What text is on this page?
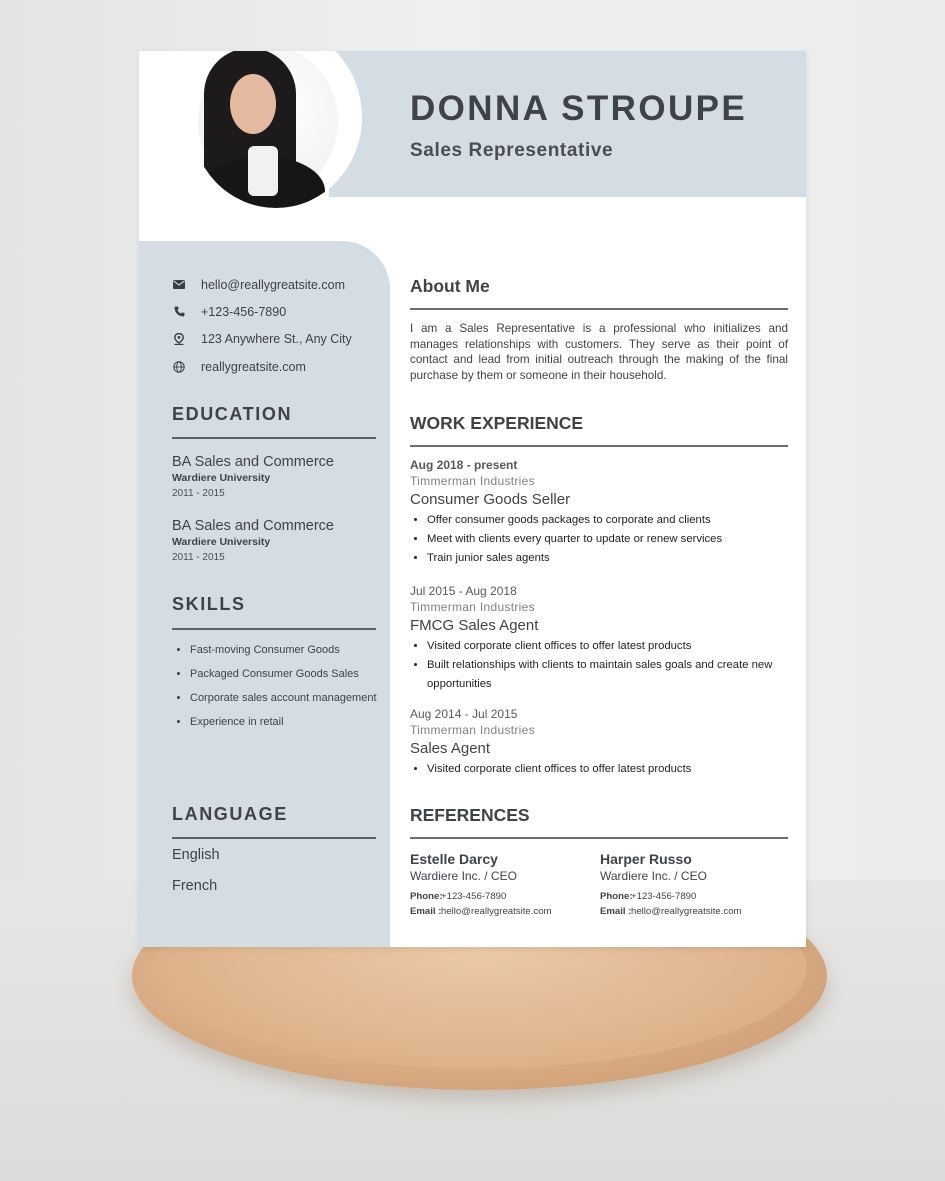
DONNA STROUPE
Sales Representative
hello@reallygreatsite.com
+123-456-7890
123 Anywhere St., Any City
reallygreatsite.com
EDUCATION
BA Sales and Commerce
Wardiere University
2011 - 2015
BA Sales and Commerce
Wardiere University
2011 - 2015
SKILLS
• Fast-moving Consumer Goods
• Packaged Consumer Goods Sales
• Corporate sales account management
• Experience in retail
LANGUAGE
English
French
About Me

I am a Sales Representative is a professional who initializes and manages relationships with customers. They serve as their point of contact and lead from initial outreach through the making of the final purchase by them or someone in their household.

WORK EXPERIENCE
Aug 2018 - present
Timmerman Industries
Consumer Goods Seller
• Offer consumer goods packages to corporate and clients
• Meet with clients every quarter to update or renew services
• Train junior sales agents
Jul 2015 - Aug 2018
Timmerman Industries
FMCG Sales Agent
• Visited corporate client offices to offer latest products
• Built relationships with clients to maintain sales goals and create new opportunities
Aug 2014 - Jul 2015
Timmerman Industries
Sales Agent
• Visited corporate client offices to offer latest products
REFERENCES
Estelle Darcy
Wardiere Inc. / CEO
Phone:+123-456-7890
Email :hello@reallygreatsite.com
Harper Russo
Wardiere Inc. / CEO
Phone:+123-456-7890
Email :hello@reallygreatsite.com
